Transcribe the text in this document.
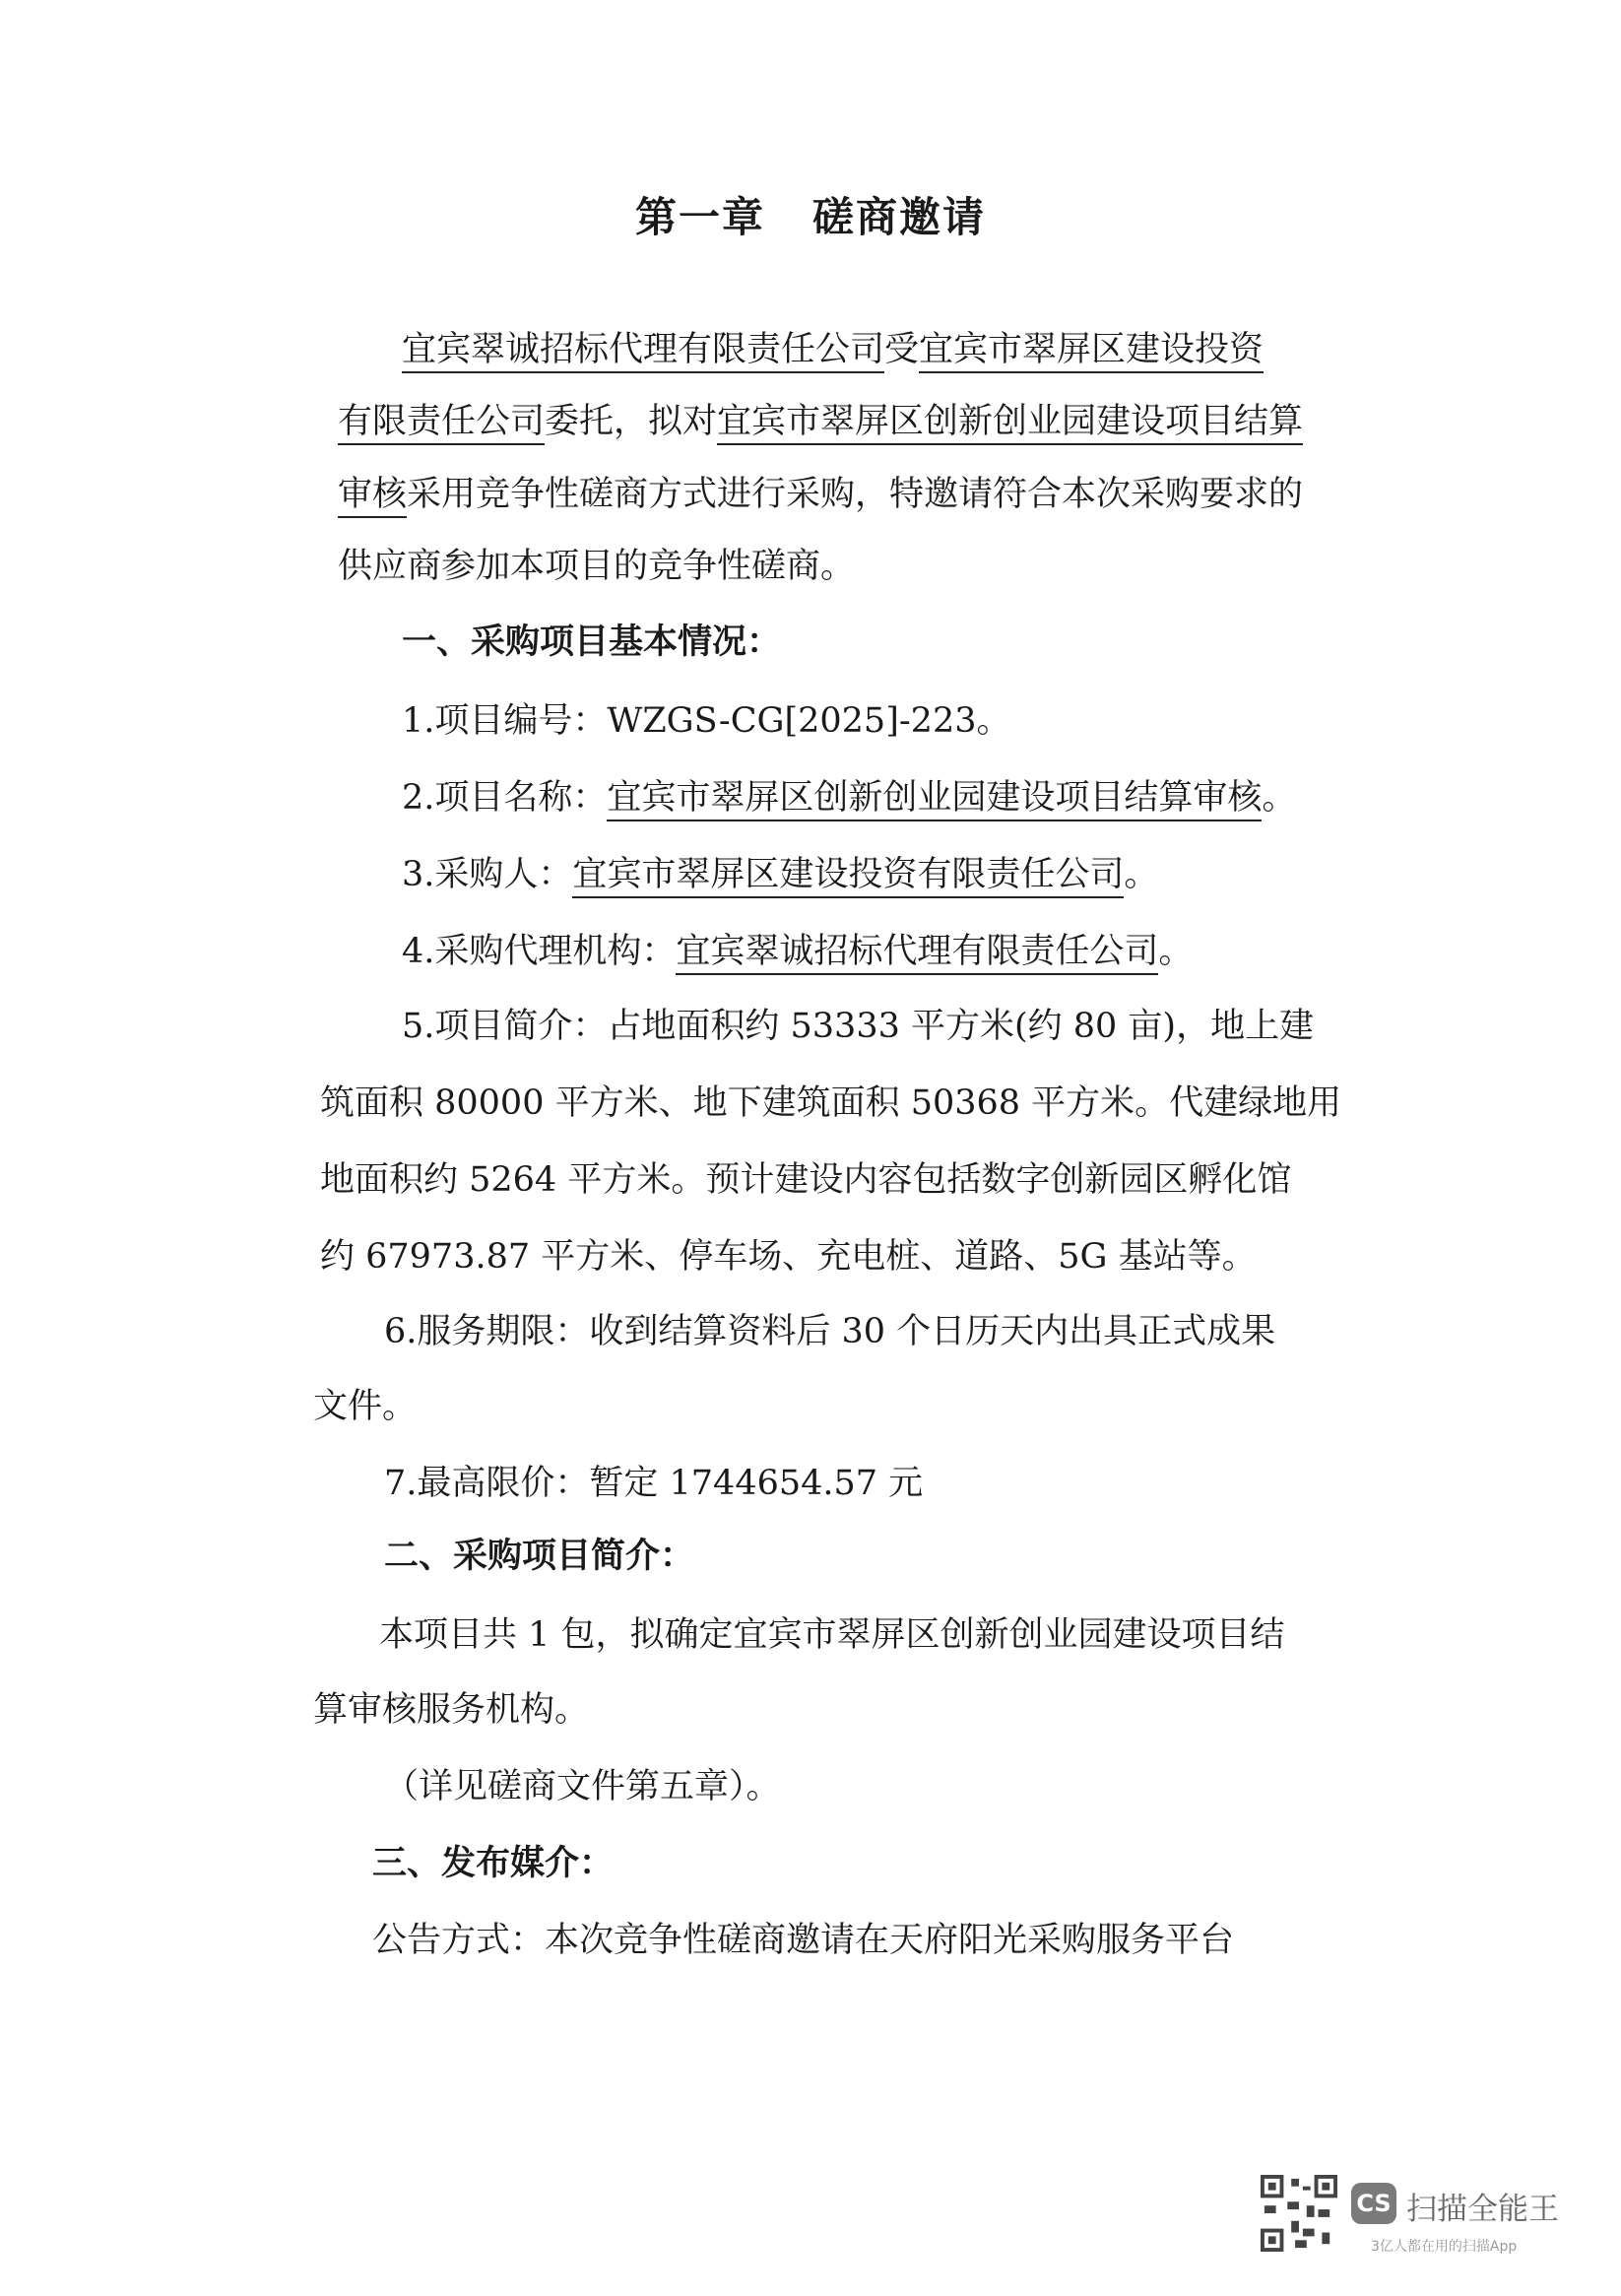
第一章 磋商邀请
宜宾翠诚招标代理有限责任公司受宜宾市翠屏区建设投资
有限责任公司委托，拟对宜宾市翠屏区创新创业园建设项目结算
审核采用竞争性磋商方式进行采购，特邀请符合本次采购要求的
供应商参加本项目的竞争性磋商。
一、采购项目基本情况：
1.项目编号：WZGS-CG[2025]-223。
2.项目名称：宜宾市翠屏区创新创业园建设项目结算审核。
3.采购人：宜宾市翠屏区建设投资有限责任公司。
4.采购代理机构：宜宾翠诚招标代理有限责任公司。
5.项目简介：占地面积约 53333 平方米(约 80 亩)，地上建
筑面积 80000 平方米、地下建筑面积 50368 平方米。代建绿地用
地面积约 5264 平方米。预计建设内容包括数字创新园区孵化馆
约 67973.87 平方米、停车场、充电桩、道路、5G 基站等。
6.服务期限：收到结算资料后 30 个日历天内出具正式成果
文件。
7.最高限价：暂定 1744654.57 元
二、采购项目简介：
本项目共 1 包，拟确定宜宾市翠屏区创新创业园建设项目结
算审核服务机构。
（详见磋商文件第五章）。
三、发布媒介：
公告方式：本次竞争性磋商邀请在天府阳光采购服务平台
CS 扫描全能王
3亿人都在用的扫描App
